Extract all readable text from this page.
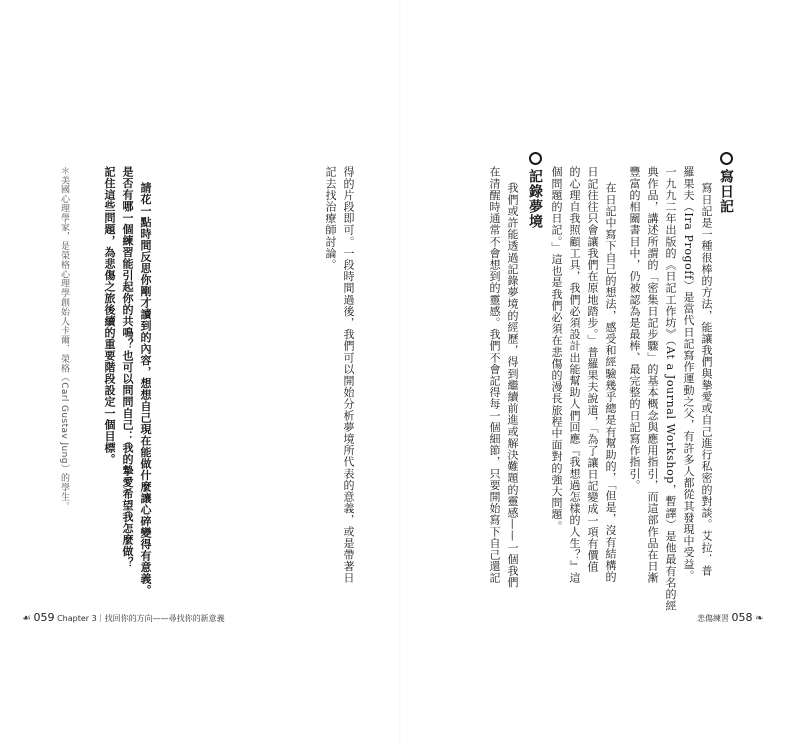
寫日記
寫日記是一種很棒的方法，能讓我們與摯愛或自己進行私密的對談。艾拉．普
羅果夫（Ira Progoff）是當代日記寫作運動之父，有許多人都從其發現中受益。
一九九二年出版的《日記工作坊》（At a Journal Workshop，暫譯）是他最有名的經
典作品，講述所謂的「密集日記步驟」的基本概念與應用指引，而這部作品在日漸
豐富的相關書目中，仍被認為是最棒、最完整的日記寫作指引。
在日記中寫下自己的想法，感受和經驗幾乎總是有幫助的，「但是，沒有結構的
日記往往只會讓我們在原地踏步。」普羅果夫說道，「為了讓日記變成一項有價值
的心理自我照顧工具，我們必須設計出能幫助人們回應『我想過怎樣的人生？』這
個問題的日記。」這也是我們必須在悲傷的漫長旅程中面對的強大問題。
記錄夢境
我們或許能透過記錄夢境的經歷，得到繼續前進或解決難題的靈感——一個我們
在清醒時通常不會想到的靈感。我們不會記得每一個細節，只要開始寫下自己還記
悲傷練習 058 ❧
得的片段即可。一段時間過後，我們可以開始分析夢境所代表的意義，或是帶著日
記去找治療師討論。
請花一點時間反思你剛才讀到的內容，想想自己現在能做什麼讓心碎變得有意義。
是否有哪一個練習能引起你的共鳴？也可以問問自己：我的摯愛希望我怎麼做？
記住這些問題，為悲傷之旅後續的重要階段設定一個目標。
＊美國心理學家，是榮格心理學創始人卡爾．榮格（Carl Gustav Jung）的學生。
☙ 059 Chapter 3｜找回你的方向——尋找你的新意義
